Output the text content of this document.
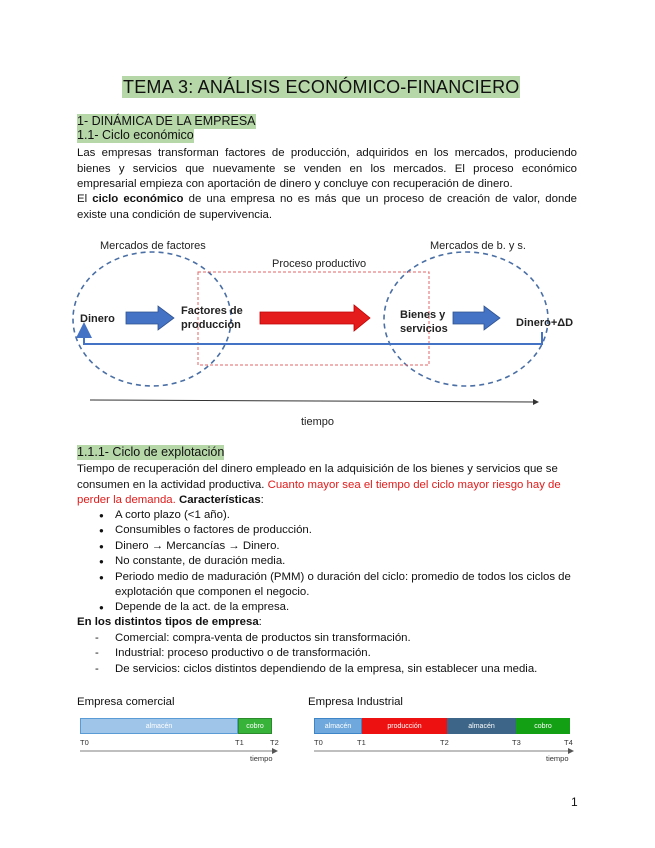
TEMA 3: ANÁLISIS ECONÓMICO-FINANCIERO
1- DINÁMICA DE LA EMPRESA
1.1- Ciclo económico
Las empresas transforman factores de producción, adquiridos en los mercados, produciendo bienes y servicios que nuevamente se venden en los mercados. El proceso económico empresarial empieza con aportación de dinero y concluye con recuperación de dinero.
El ciclo económico de una empresa no es más que un proceso de creación de valor, donde existe una condición de supervivencia.
Mercados de factores
Proceso productivo
Mercados de b. y s.
Dinero
Factores de
producción
Bienes y
servicios	Dinero+ΔD
tiempo
1.1.1- Ciclo de explotación
Tiempo de recuperación del dinero empleado en la adquisición de los bienes y servicios que se consumen en la actividad productiva. Cuanto mayor sea el tiempo del ciclo mayor riesgo hay de perder la demanda. Características:
● A corto plazo (<1 año).
● Consumibles o factores de producción.
● Dinero → Mercancías → Dinero.
● No constante, de duración media.
● Periodo medio de maduración (PMM) o duración del ciclo: promedio de todos los ciclos de explotación que componen el negocio.
● Depende de la act. de la empresa.
En los distintos tipos de empresa:
- Comercial: compra-venta de productos sin transformación.
- Industrial: proceso productivo o de transformación.
- De servicios: ciclos distintos dependiendo de la empresa, sin establecer una media.
Empresa comercial
almacén	cobro
T0	T1	T2
tiempo
Empresa Industrial
almacén	producción	almacén	cobro
T0	T1	T2	T3	T4
tiempo
1
